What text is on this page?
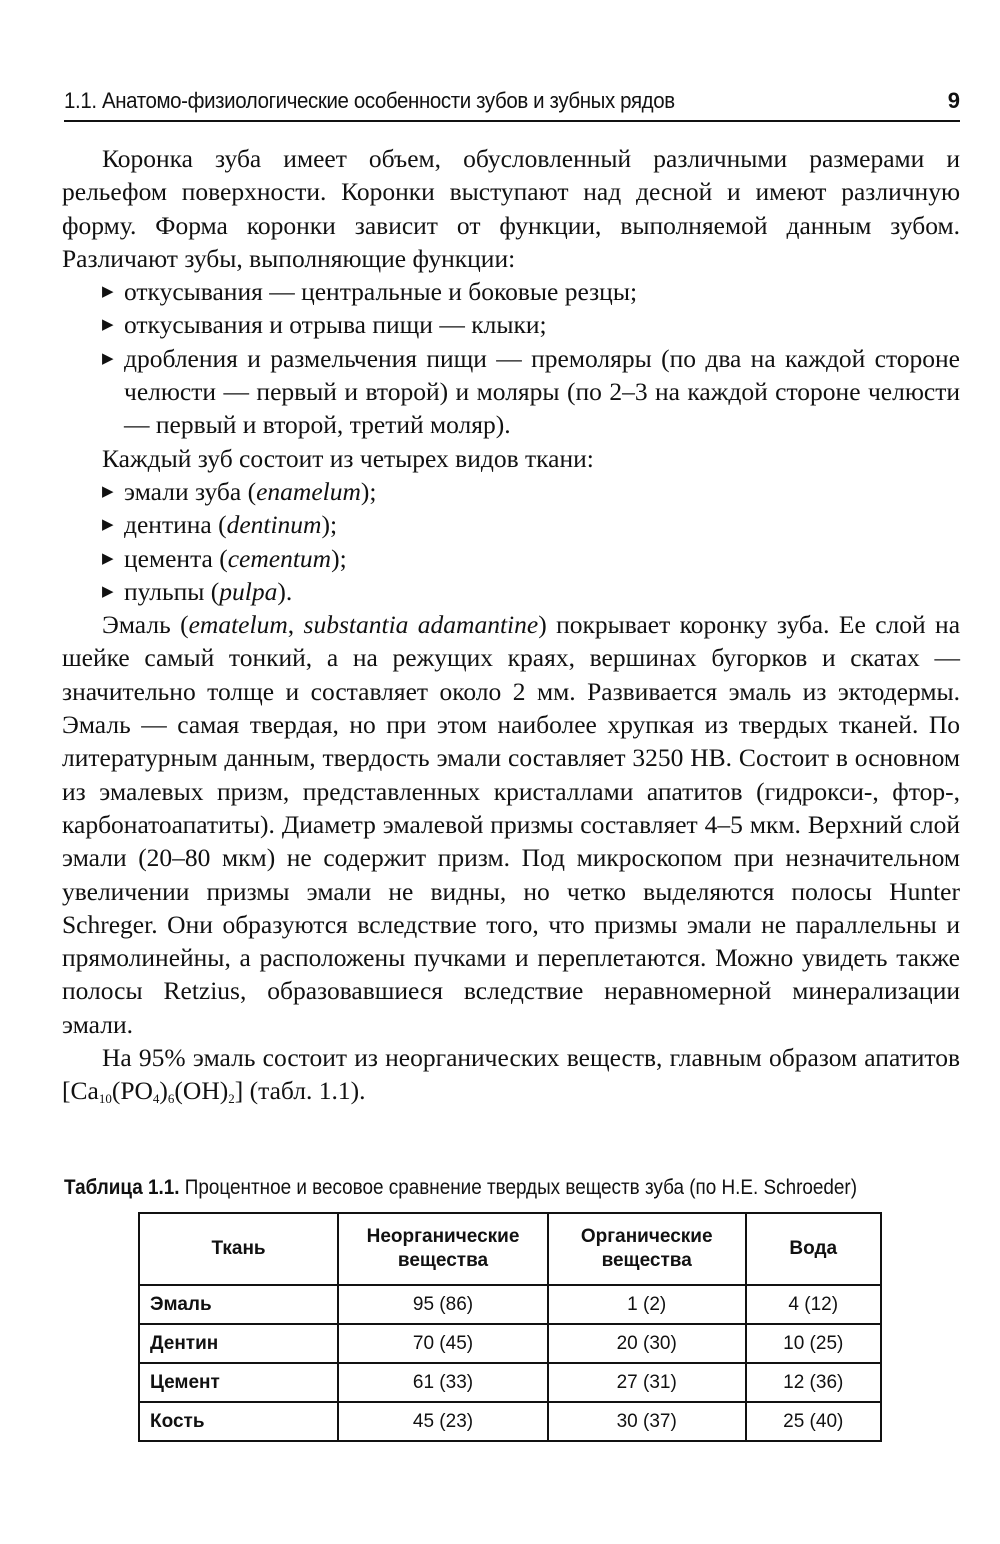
1.1. Анатомо-физиологические особенности зубов и зубных рядов	9

Коронка зуба имеет объем, обусловленный различными размерами и рельефом поверхности. Коронки выступают над десной и имеют различную форму. Форма коронки зависит от функции, выполняемой данным зубом. Различают зубы, выполняющие функции:

▶ откусывания — центральные и боковые резцы;
▶ откусывания и отрыва пищи — клыки;
▶ дробления и размельчения пищи — премоляры (по два на каждой стороне челюсти — первый и второй) и моляры (по 2–3 на каждой стороне челюсти — первый и второй, третий моляр).

Каждый зуб состоит из четырех видов ткани:

▶ эмали зуба (enamelum);
▶ дентина (dentinum);
▶ цемента (cementum);
▶ пульпы (pulpa).

Эмаль (ematelum, substantia adamantine) покрывает коронку зуба. Ее слой на шейке самый тонкий, а на режущих краях, вершинах бугорков и скатах — значительно толще и составляет около 2 мм. Развивается эмаль из эктодермы. Эмаль — самая твердая, но при этом наиболее хрупкая из твердых тканей. По литературным данным, твердость эмали составляет 3250 НВ. Состоит в основном из эмалевых призм, представленных кристаллами апатитов (гидрокси-, фтор-, карбонатоапатиты). Диаметр эмалевой призмы составляет 4–5 мкм. Верхний слой эмали (20–80 мкм) не содержит призм. Под микроскопом при незначительном увеличении призмы эмали не видны, но четко выделяются полосы Hunter Schreger. Они образуются вследствие того, что призмы эмали не параллельны и прямолинейны, а расположены пучками и переплетаются. Можно увидеть также полосы Retzius, образовавшиеся вследствие неравномерной минерализации эмали.

На 95% эмаль состоит из неорганических веществ, главным образом апатитов $[Ca_{10}(PO_4)_6(OH)_2]$ (табл. 1.1).

Таблица 1.1. Процентное и весовое сравнение твердых веществ зуба (по H.E. Schroeder)
Ткань	Неорганические вещества	Органические вещества	Вода
Эмаль	95 (86)	1 (2)	4 (12)
Дентин	70 (45)	20 (30)	10 (25)
Цемент	61 (33)	27 (31)	12 (36)
Кость	45 (23)	30 (37)	25 (40)
